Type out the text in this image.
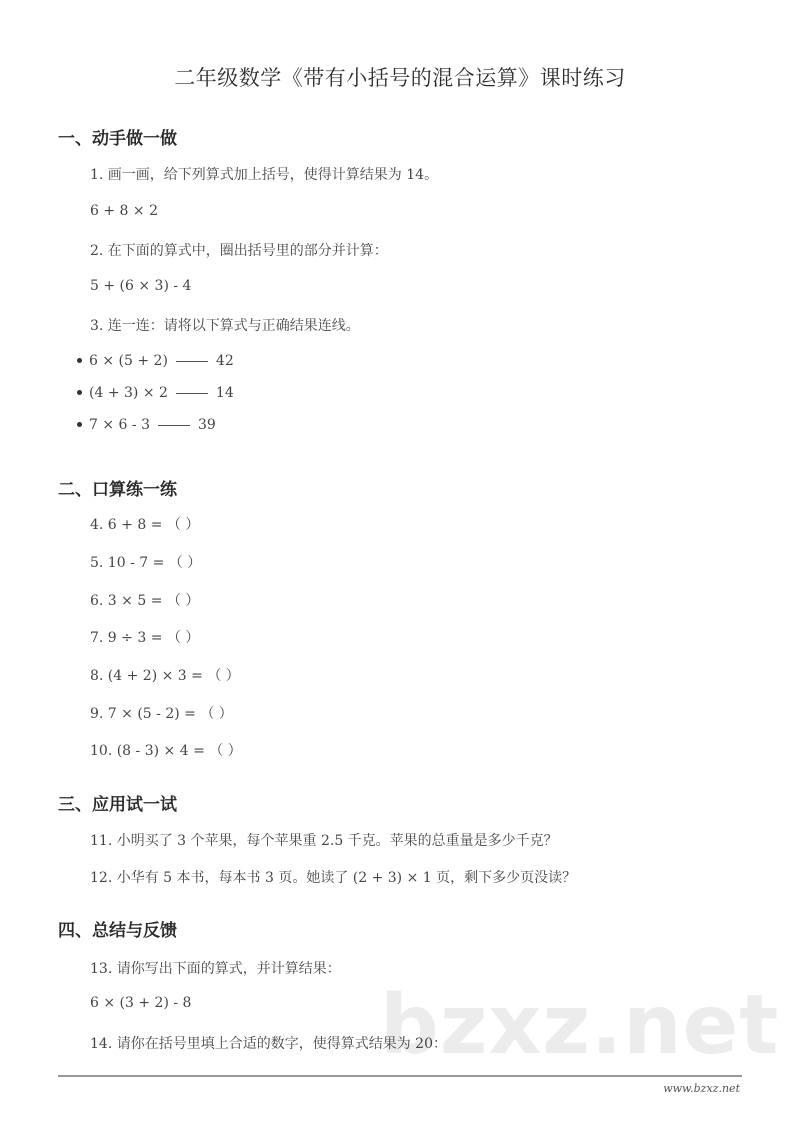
bzxz.net
二年级数学《带有小括号的混合运算》课时练习
一、动手做一做
1. 画一画，给下列算式加上括号，使得计算结果为 14。
6 + 8 × 2
2. 在下面的算式中，圈出括号里的部分并计算：
5 + (6 × 3) - 4
3. 连一连：请将以下算式与正确结果连线。
6 × (5 + 2)	42
(4 + 3) × 2	14
7 × 6 - 3	39
二、口算练一练
4. 6 + 8 = （ ）
5. 10 - 7 = （ ）
6. 3 × 5 = （ ）
7. 9 ÷ 3 = （ ）
8. (4 + 2) × 3 = （ ）
9. 7 × (5 - 2) = （ ）
10. (8 - 3) × 4 = （ ）
三、应用试一试
11. 小明买了 3 个苹果，每个苹果重 2.5 千克。苹果的总重量是多少千克？
12. 小华有 5 本书，每本书 3 页。她读了 (2 + 3) × 1 页，剩下多少页没读？
四、总结与反馈
13. 请你写出下面的算式，并计算结果：
6 × (3 + 2) - 8
14. 请你在括号里填上合适的数字，使得算式结果为 20：
www.bzxz.net
